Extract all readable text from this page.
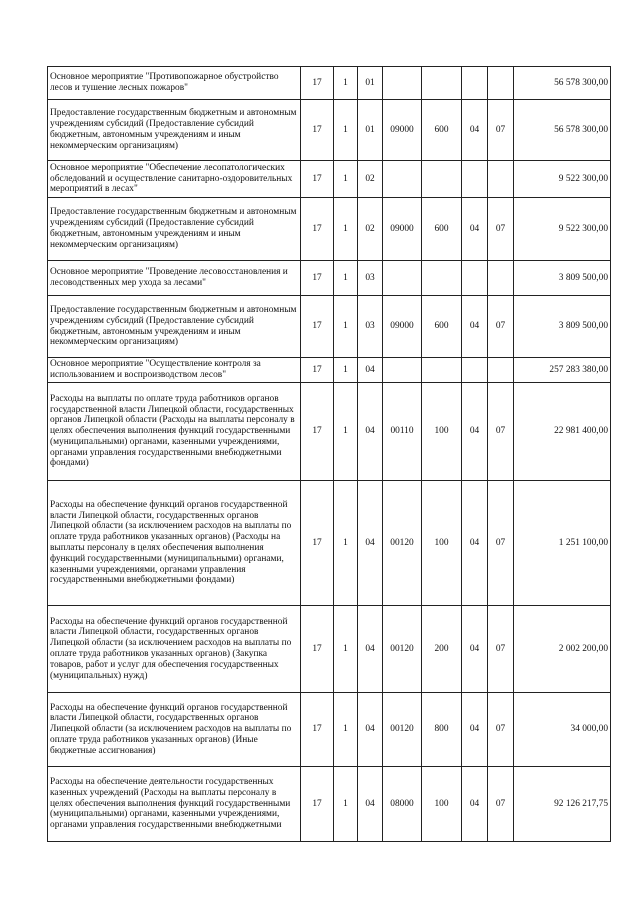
Основное мероприятие "Противопожарное обустройство лесов и тушение лесных пожаров"	17	1	01					56 578 300,00
Предоставление государственным бюджетным и автономным учреждениям субсидий (Предоставление субсидий бюджетным, автономным учреждениям и иным некоммерческим организациям)	17	1	01	09000	600	04	07	56 578 300,00
Основное мероприятие "Обеспечение лесопатологических обследований и осуществление санитарно-оздоровительных мероприятий в лесах"	17	1	02					9 522 300,00
Предоставление государственным бюджетным и автономным учреждениям субсидий (Предоставление субсидий бюджетным, автономным учреждениям и иным некоммерческим организациям)	17	1	02	09000	600	04	07	9 522 300,00
Основное мероприятие "Проведение лесовосстановления и лесоводственных мер ухода за лесами"	17	1	03					3 809 500,00
Предоставление государственным бюджетным и автономным учреждениям субсидий (Предоставление субсидий бюджетным, автономным учреждениям и иным некоммерческим организациям)	17	1	03	09000	600	04	07	3 809 500,00
Основное мероприятие "Осуществление контроля за использованием и воспроизводством лесов"	17	1	04					257 283 380,00
Расходы на выплаты по оплате труда работников органов государственной власти Липецкой области, государственных органов Липецкой области (Расходы на выплаты персоналу в целях обеспечения выполнения функций государственными (муниципальными) органами, казенными учреждениями, органами управления государственными внебюджетными фондами)	17	1	04	00110	100	04	07	22 981 400,00
Расходы на обеспечение функций органов государственной власти Липецкой области, государственных органов Липецкой области (за исключением расходов на выплаты по оплате труда работников указанных органов) (Расходы на выплаты персоналу в целях обеспечения выполнения функций государственными (муниципальными) органами, казенными учреждениями, органами управления государственными внебюджетными фондами)	17	1	04	00120	100	04	07	1 251 100,00
Расходы на обеспечение функций органов государственной власти Липецкой области, государственных органов Липецкой области (за исключением расходов на выплаты по оплате труда работников указанных органов) (Закупка товаров, работ и услуг для обеспечения государственных (муниципальных) нужд)	17	1	04	00120	200	04	07	2 002 200,00
Расходы на обеспечение функций органов государственной власти Липецкой области, государственных органов Липецкой области (за исключением расходов на выплаты по оплате труда работников указанных органов) (Иные бюджетные ассигнования)	17	1	04	00120	800	04	07	34 000,00
Расходы на обеспечение деятельности государственных казенных учреждений (Расходы на выплаты персоналу в целях обеспечения выполнения функций государственными (муниципальными) органами, казенными учреждениями, органами управления государственными внебюджетными	17	1	04	08000	100	04	07	92 126 217,75
